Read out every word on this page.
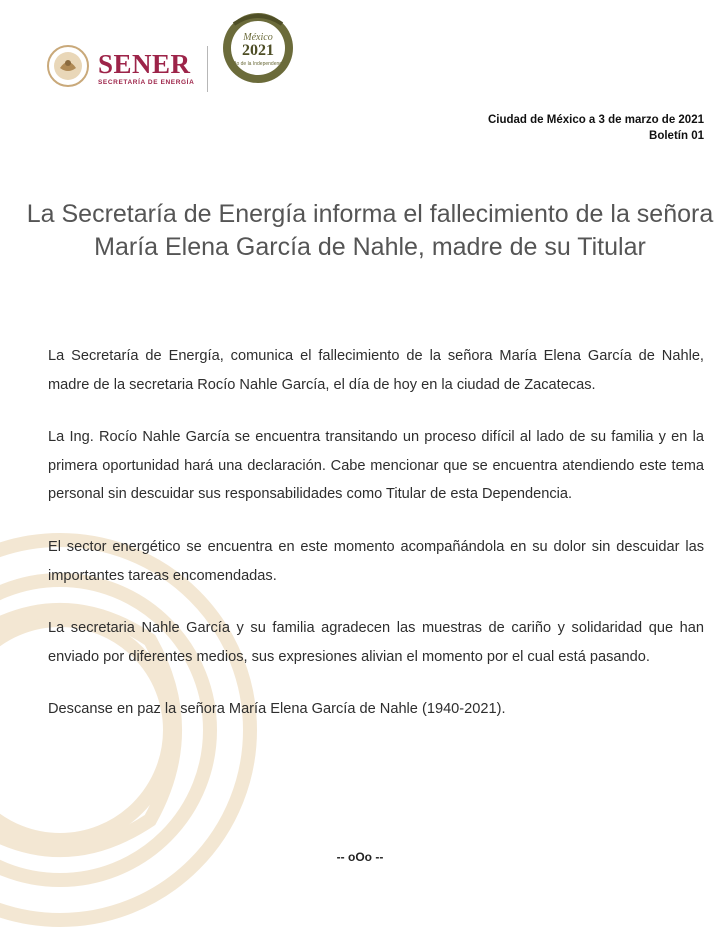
SENER
SECRETARÍA DE ENERGÍA
México
2021
Año de la Independencia
Ciudad de México a 3 de marzo de 2021
Boletín 01
La Secretaría de Energía informa el fallecimiento de la señora María Elena García de Nahle, madre de su Titular

La Secretaría de Energía, comunica el fallecimiento de la señora María Elena García de Nahle, madre de la secretaria Rocío Nahle García, el día de hoy en la ciudad de Zacatecas.

La Ing. Rocío Nahle García se encuentra transitando un proceso difícil al lado de su familia y en la primera oportunidad hará una declaración. Cabe mencionar que se encuentra atendiendo este tema personal sin descuidar sus responsabilidades como Titular de esta Dependencia.

El sector energético se encuentra en este momento acompañándola en su dolor sin descuidar las importantes tareas encomendadas.

La secretaria Nahle García y su familia agradecen las muestras de cariño y solidaridad que han enviado por diferentes medios, sus expresiones alivian el momento por el cual está pasando.

Descanse en paz la señora María Elena García de Nahle (1940-2021).

-- oOo --
